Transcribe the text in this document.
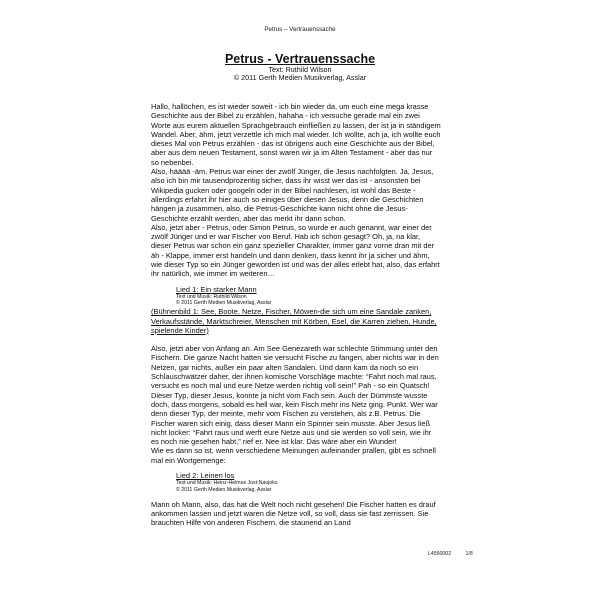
Petrus – Vertrauenssache
Petrus - Vertrauenssache
Text: Ruthild Wilson
© 2011 Gerth Medien Musikverlag, Asslar

Hallo, hallöchen, es ist wieder soweit - ich bin wieder da, um euch eine mega krasse Geschichte aus der Bibel zu erzählen, hahaha - ich versuche gerade mal ein zwei Worte aus eurem aktuellen Sprachgebrauch einfließen zu lassen, der ist ja in ständigem Wandel. Aber, ähm, jetzt verzettle ich mich mal wieder. Ich wollte, ach ja, ich wollte euch dieses Mal von Petrus erzählen - das ist übrigens auch eine Geschichte aus der Bibel, aber aus dem neuen Testament, sonst waren wir ja im Alten Testament - aber das nur so nebenbei.

Also, hääää -äm, Petrus war einer der zwölf Jünger, die Jesus nachfolgten. Ja, Jesus, also ich bin mir tausendprozentig sicher, dass ihr wisst wer das ist - ansonsten bei Wikipedia gucken oder googeln oder in der Bibel nachlesen, ist wohl das Beste - allerdings erfahrt ihr hier auch so einiges über diesen Jesus, denn die Geschichten hängen ja zusammen, also, die Petrus-Geschichte kann nicht ohne die Jesus-Geschichte erzählt werden, aber das merkt ihr dann schon.

Also, jetzt aber - Petrus, oder Simon Petrus, so wurde er auch genannt, war einer der zwölf Jünger und er war Fischer von Beruf. Hab ich schon gesagt? Oh, ja, na klar, dieser Petrus war schon ein ganz spezieller Charakter, immer ganz vorne dran mit der äh - Klappe, immer erst handeln und dann denken, dass kennt ihr ja sicher und ähm, wie dieser Typ so ein Jünger geworden ist und was der alles erlebt hat, also, das erfahrt ihr natürlich, wie immer im weiteren…

Lied 1: Ein starker Mann
Text und Musik: Ruthild Wilson
© 2011 Gerth Medien Musikverlag, Asslar

(Bühnenbild 1: See, Boote, Netze, Fischer, Möwen-die sich um eine Sandale zanken, Verkaufsstände, Marktschreier, Menschen mit Körben, Esel, die Karren ziehen, Hunde, spielende Kinder)

Also, jetzt aber von Anfang an. Am See Genezareth war schlechte Stimmung unter den Fischern. Die ganze Nacht hatten sie versucht Fische zu fangen, aber nichts war in den Netzen, gar nichts, außer ein paar alten Sandalen. Und dann kam da noch so ein Schlauschwätzer daher, der ihnen komische Vorschläge machte: “Fahrt noch mal raus, versucht es noch mal und eure Netze werden richtig voll sein!” Pah - so ein Quatsch! Dieser Typ, dieser Jesus, konnte ja nicht vom Fach sein. Auch der Dümmste wusste doch, dass morgens, sobald es hell war, kein Fisch mehr ins Netz ging. Punkt. Wer war denn dieser Typ, der meinte, mehr vom Fischen zu verstehen, als z.B. Petrus. Die Fischer waren sich einig, dass dieser Mann ein Spinner sein musste. Aber Jesus ließ nicht locker: “Fahrt raus und werft eure Netze aus und sie werden so voll sein, wie ihr es noch nie gesehen habt,” rief er. Nee ist klar. Das wäre aber ein Wunder!

Wie es dann so ist, wenn verschiedene Meinungen aufeinander prallen, gibt es schnell mal ein Wortgemenge:

Lied 2: Leinen los
Text und Musik: Heinz-Helmus Jost-Naujoks
© 2011 Gerth Medien Musikverlag, Asslar

Mann oh Mann, also, das hat die Welt noch nicht gesehen! Die Fischer hatten es drauf ankommen lassen und jetzt waren die Netze voll, so voll, dass sie fast zerrissen. Sie brauchten Hilfe von anderen Fischern, die staunend an Land

L4560002	1/8
